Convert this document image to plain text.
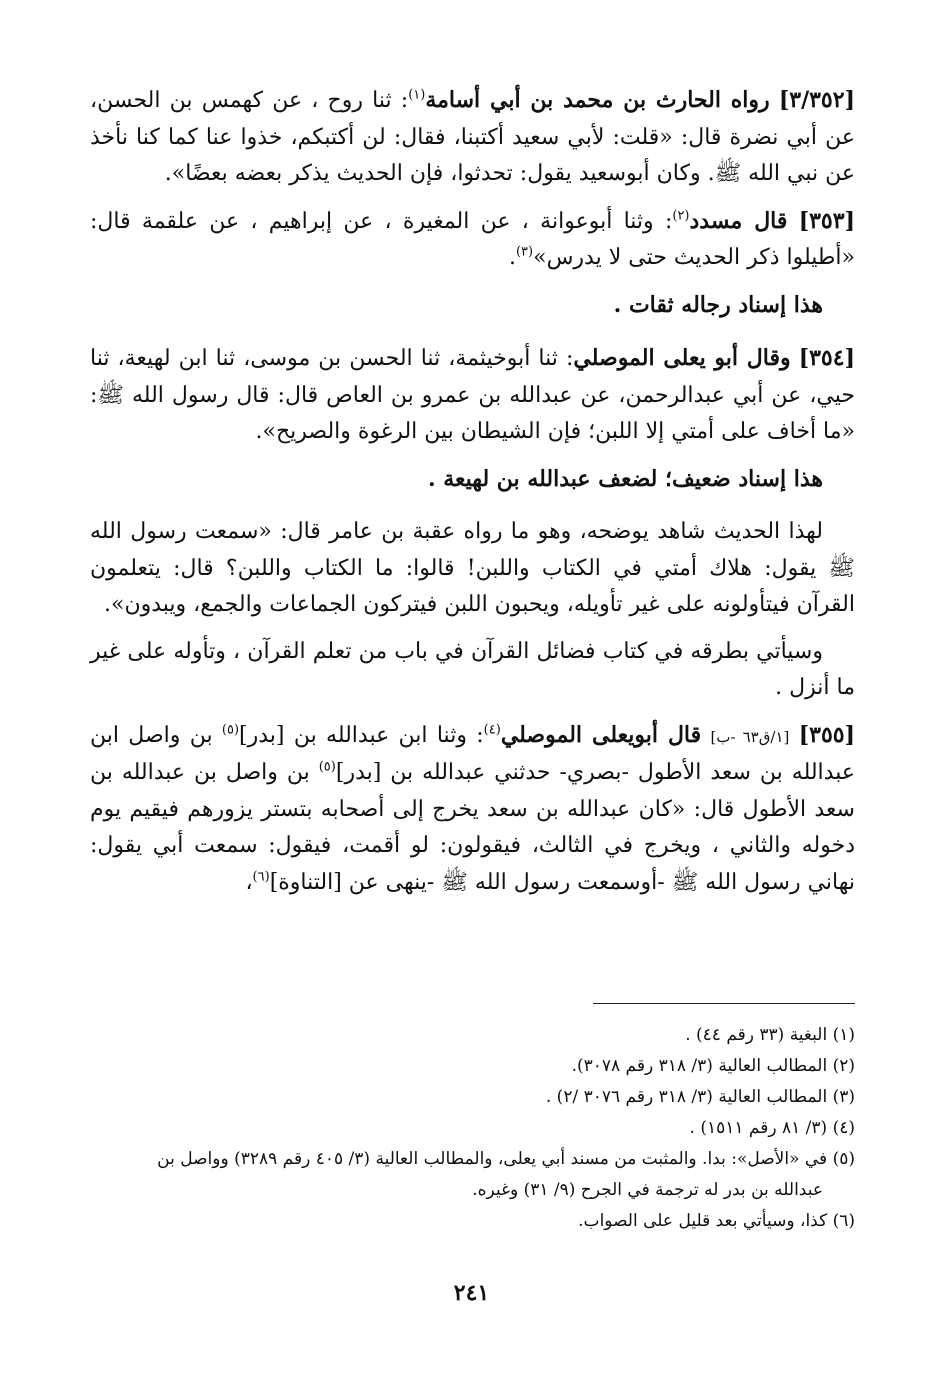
[٣/٣٥٢] رواه الحارث بن محمد بن أبي أسامة$^{(١)}$: ثنا روح ، عن كهمس بن الحسن، عن أبي نضرة قال: «قلت: لأبي سعيد أكتبنا، فقال: لن أكتبكم، خذوا عنا كما كنا نأخذ عن نبي الله ﷺ. وكان أبوسعيد يقول: تحدثوا، فإن الحديث يذكر بعضه بعضًا».

[٣٥٣] قال مسدد$^{(٢)}$: وثنا أبوعوانة ، عن المغيرة ، عن إبراهيم ، عن علقمة قال: «أطيلوا ذكر الحديث حتى لا يدرس»$^{(٣)}$.

هذا إسناد رجاله ثقات .

[٣٥٤] وقال أبو يعلى الموصلي: ثنا أبوخيثمة، ثنا الحسن بن موسى، ثنا ابن لهيعة، ثنا حيي، عن أبي عبدالرحمن، عن عبدالله بن عمرو بن العاص قال: قال رسول الله ﷺ: «ما أخاف على أمتي إلا اللبن؛ فإن الشيطان بين الرغوة والصريح».

هذا إسناد ضعيف؛ لضعف عبدالله بن لهيعة .

لهذا الحديث شاهد يوضحه، وهو ما رواه عقبة بن عامر قال: «سمعت رسول الله ﷺ يقول: هلاك أمتي في الكتاب واللبن! قالوا: ما الكتاب واللبن؟ قال: يتعلمون القرآن فيتأولونه على غير تأويله، ويحبون اللبن فيتركون الجماعات والجمع، ويبدون».

وسيأتي بطرقه في كتاب فضائل القرآن في باب من تعلم القرآن ، وتأوله على غير ما أنزل .

[٣٥٥] [١/ق٦٣ -ب] قال أبويعلى الموصلي$^{(٤)}$: وثنا ابن عبدالله بن [بدر]$^{(٥)}$ بن واصل ابن عبدالله بن سعد الأطول -بصري- حدثني عبدالله بن [بدر]$^{(٥)}$ بن واصل بن عبدالله بن سعد الأطول قال: «كان عبدالله بن سعد يخرج إلى أصحابه بتستر يزورهم فيقيم يوم دخوله والثاني ، ويخرج في الثالث، فيقولون: لو أقمت، فيقول: سمعت أبي يقول: نهاني رسول الله ﷺ -أوسمعت رسول الله ﷺ -ينهى عن [التناوة]$^{(٦)}$،

(١) البغية (٣٣ رقم ٤٤) .

(٢) المطالب العالية (٣/ ٣١٨ رقم ٣٠٧٨).

(٣) المطالب العالية (٣/ ٣١٨ رقم ٣٠٧٦ /٢) .

(٤) (٣/ ٨١ رقم ١٥١١) .

(٥) في «الأصل»: بدا. والمثبت من مسند أبي يعلى، والمطالب العالية (٣/ ٤٠٥ رقم ٣٢٨٩) وواصل بن

عبدالله بن بدر له ترجمة في الجرح (٩/ ٣١) وغيره.

(٦) كذا، وسيأتي بعد قليل على الصواب.

٢٤١
